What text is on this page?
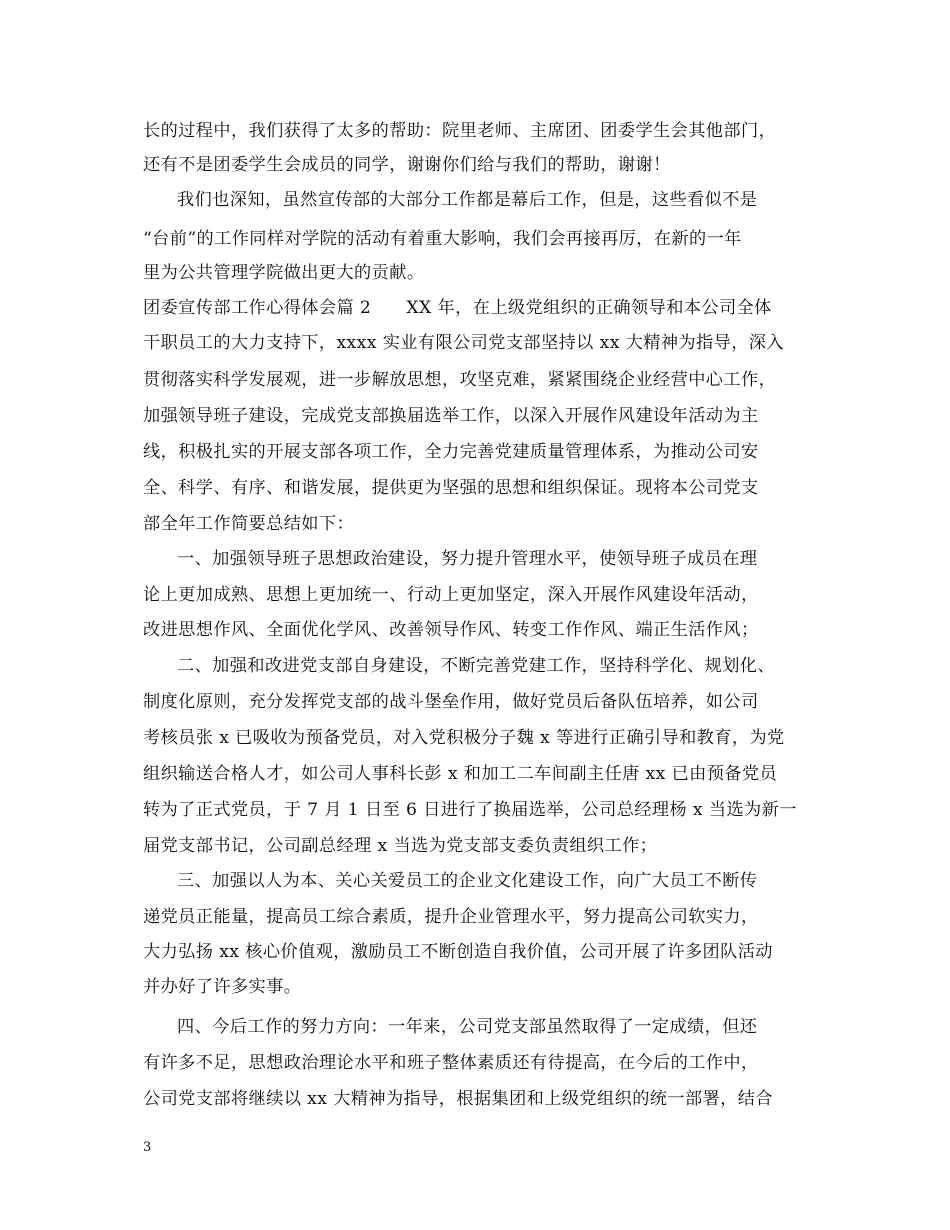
长的过程中，我们获得了太多的帮助：院里老师、主席团、团委学生会其他部门，
还有不是团委学生会成员的同学，谢谢你们给与我们的帮助，谢谢！
我们也深知，虽然宣传部的大部分工作都是幕后工作，但是，这些看似不是
“台前”的工作同样对学院的活动有着重大影响，我们会再接再厉，在新的一年
里为公共管理学院做出更大的贡献。
团委宣传部工作心得体会篇 2　　XX 年，在上级党组织的正确领导和本公司全体
干职员工的大力支持下，xxxx 实业有限公司党支部坚持以 xx 大精神为指导，深入
贯彻落实科学发展观，进一步解放思想，攻坚克难，紧紧围绕企业经营中心工作，
加强领导班子建设，完成党支部换届选举工作，以深入开展作风建设年活动为主
线，积极扎实的开展支部各项工作，全力完善党建质量管理体系，为推动公司安
全、科学、有序、和谐发展，提供更为坚强的思想和组织保证。现将本公司党支
部全年工作简要总结如下：
一、加强领导班子思想政治建设，努力提升管理水平，使领导班子成员在理
论上更加成熟、思想上更加统一、行动上更加坚定，深入开展作风建设年活动，
改进思想作风、全面优化学风、改善领导作风、转变工作作风、端正生活作风；
二、加强和改进党支部自身建设，不断完善党建工作，坚持科学化、规划化、
制度化原则，充分发挥党支部的战斗堡垒作用，做好党员后备队伍培养，如公司
考核员张 x 已吸收为预备党员，对入党积极分子魏 x 等进行正确引导和教育，为党
组织输送合格人才，如公司人事科长彭 x 和加工二车间副主任唐 xx 已由预备党员
转为了正式党员，于 7 月 1 日至 6 日进行了换届选举，公司总经理杨 x 当选为新一
届党支部书记，公司副总经理 x 当选为党支部支委负责组织工作；
三、加强以人为本、关心关爱员工的企业文化建设工作，向广大员工不断传
递党员正能量，提高员工综合素质，提升企业管理水平，努力提高公司软实力，
大力弘扬 xx 核心价值观，激励员工不断创造自我价值，公司开展了许多团队活动
并办好了许多实事。
四、今后工作的努力方向：一年来，公司党支部虽然取得了一定成绩，但还
有许多不足，思想政治理论水平和班子整体素质还有待提高，在今后的工作中，
公司党支部将继续以 xx 大精神为指导，根据集团和上级党组织的统一部署，结合
3
